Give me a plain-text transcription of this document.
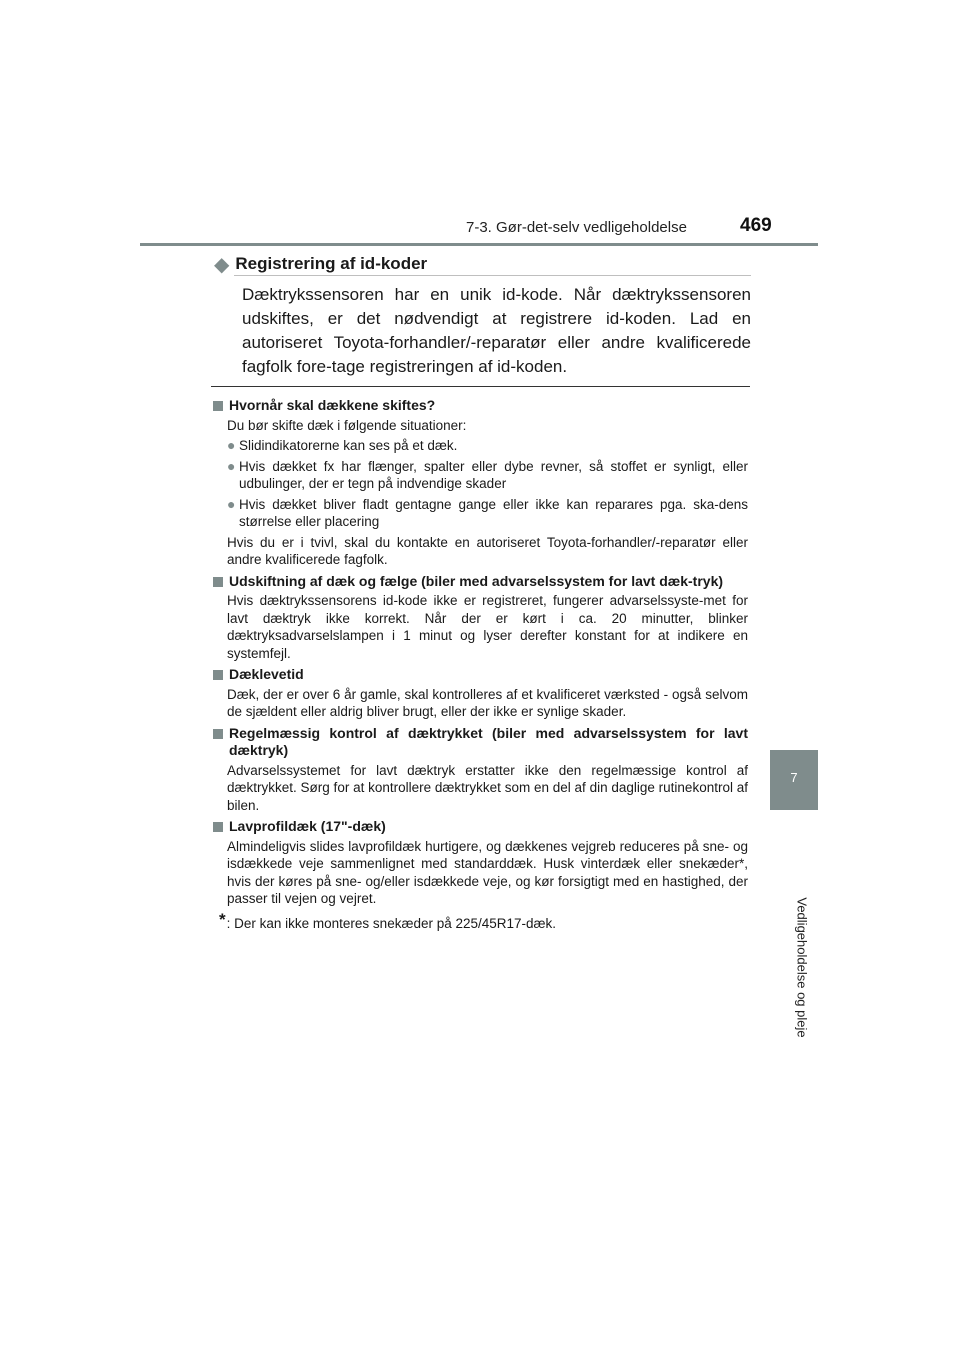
7-3. Gør-det-selv vedligeholdelse	469
7
Vedligeholdelse og pleje
◆ Registrering af id-koder
Dæktrykssensoren har en unik id-kode. Når dæktrykssensoren udskiftes, er det nødvendigt at registrere id-koden. Lad en autoriseret Toyota-forhandler/-reparatør eller andre kvalificerede fagfolk fore-tage registreringen af id-koden.
Hvornår skal dækkene skiftes?
Du bør skifte dæk i følgende situationer:
● Slidindikatorerne kan ses på et dæk.
● Hvis dækket fx har flænger, spalter eller dybe revner, så stoffet er synligt, eller udbulinger, der er tegn på indvendige skader
● Hvis dækket bliver fladt gentagne gange eller ikke kan reparares pga. ska-dens størrelse eller placering
Hvis du er i tvivl, skal du kontakte en autoriseret Toyota-forhandler/-reparatør eller andre kvalificerede fagfolk.
Udskiftning af dæk og fælge (biler med advarselssystem for lavt dæk-tryk)
Hvis dæktrykssensorens id-kode ikke er registreret, fungerer advarselssyste-met for lavt dæktryk ikke korrekt. Når der er kørt i ca. 20 minutter, blinker dæktryksadvarselslampen i 1 minut og lyser derefter konstant for at indikere en systemfejl.
Dæklevetid
Dæk, der er over 6 år gamle, skal kontrolleres af et kvalificeret værksted - også selvom de sjældent eller aldrig bliver brugt, eller der ikke er synlige skader.
Regelmæssig kontrol af dæktrykket (biler med advarselssystem for lavt dæktryk)
Advarselssystemet for lavt dæktryk erstatter ikke den regelmæssige kontrol af dæktrykket. Sørg for at kontrollere dæktrykket som en del af din daglige rutinekontrol af bilen.
Lavprofildæk (17"-dæk)
Almindeligvis slides lavprofildæk hurtigere, og dækkenes vejgreb reduceres på sne- og isdækkede veje sammenlignet med standarddæk. Husk vinterdæk eller snekæder*, hvis der køres på sne- og/eller isdækkede veje, og kør forsigtigt med en hastighed, der passer til vejen og vejret.
* : Der kan ikke monteres snekæder på 225/45R17-dæk.
